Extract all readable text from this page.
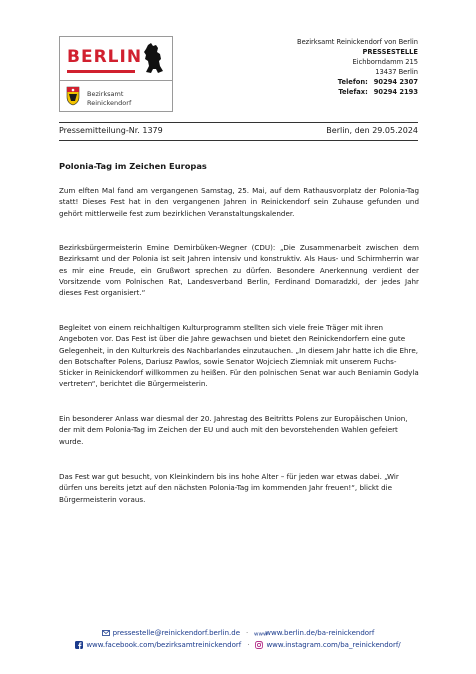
BERLIN
Bezirksamt
Reinickendorf
Bezirksamt Reinickendorf von Berlin
PRESSESTELLE
Eichborndamm 215
13437 Berlin
Telefon: 90294 2307
Telefax: 90294 2193
Pressemitteilung-Nr. 1379	Berlin, den 29.05.2024
Polonia-Tag im Zeichen Europas

Zum elften Mal fand am vergangenen Samstag, 25. Mai, auf dem Rathausvorplatz der Polonia-Tag statt! Dieses Fest hat in den vergangenen Jahren in Reinickendorf sein Zuhause gefunden und gehört mittlerweile fest zum bezirklichen Veranstaltungskalender.

Bezirksbürgermeisterin Emine Demirbüken-Wegner (CDU): „Die Zusammenarbeit zwischen dem Bezirksamt und der Polonia ist seit Jahren intensiv und konstruktiv. Als Haus- und Schirmherrin war es mir eine Freude, ein Grußwort sprechen zu dürfen. Besondere Anerkennung verdient der Vorsitzende vom Polnischen Rat, Landesverband Berlin, Ferdinand Domaradzki, der jedes Jahr dieses Fest organisiert.“

Begleitet von einem reichhaltigen Kulturprogramm stellten sich viele freie Träger mit ihren Angeboten vor. Das Fest ist über die Jahre gewachsen und bietet den Reinickendorfern eine gute Gelegenheit, in den Kulturkreis des Nachbarlandes einzutauchen. „In diesem Jahr hatte ich die Ehre, den Botschafter Polens, Dariusz Pawlos, sowie Senator Wojciech Ziemniak mit unserem Fuchs-Sticker in Reinickendorf willkommen zu heißen. Für den polnischen Senat war auch Beniamin Godyla vertreten“, berichtet die Bürgermeisterin.

Ein besonderer Anlass war diesmal der 20. Jahrestag des Beitritts Polens zur Europäischen Union, der mit dem Polonia-Tag im Zeichen der EU und auch mit den bevorstehenden Wahlen gefeiert wurde.

Das Fest war gut besucht, von Kleinkindern bis ins hohe Alter – für jeden war etwas dabei. „Wir dürfen uns bereits jetzt auf den nächsten Polonia-Tag im kommenden Jahr freuen!“, blickt die Bürgermeisterin voraus.

pressestelle@reinickendorf.berlin.de · www
www.berlin.de/ba-reinickendorf
www.facebook.com/bezirksamtreinickendorf · www.instagram.com/ba_reinickendorf/
